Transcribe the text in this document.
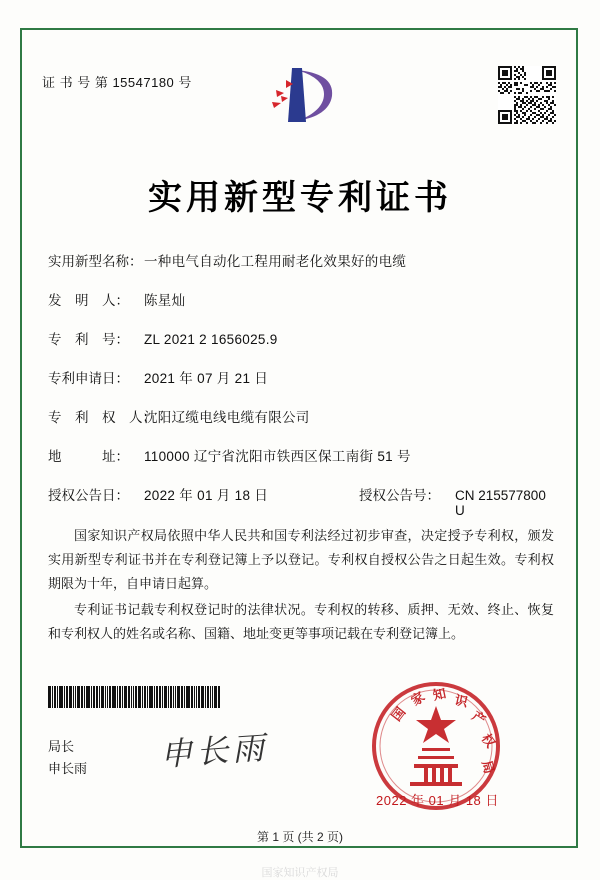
证 书 号 第 15547180 号
实用新型专利证书
实用新型名称： 一种电气自动化工程用耐老化效果好的电缆
发　明　人：	陈星灿
专　利　号：	ZL 2021 2 1656025.9
专利申请日：	2021 年 07 月 21 日
专　利　权　人：
沈阳辽缆电线电缆有限公司
地　　　址：	110000 辽宁省沈阳市铁西区保工南街 51 号
授权公告日：	2022 年 01 月 18 日	授权公告号：	CN 215577800 U

国家知识产权局依照中华人民共和国专利法经过初步审查，决定授予专利权，颁发实用新型专利证书并在专利登记簿上予以登记。专利权自授权公告之日起生效。专利权期限为十年，自申请日起算。

专利证书记载专利权登记时的法律状况。专利权的转移、质押、无效、终止、恢复和专利权人的姓名或名称、国籍、地址变更等事项记载在专利登记簿上。

局长
申长雨 申长雨
国
家 知 识
产
权
局
2022 年 01 月 18 日
第 1 页 (共 2 页)
国家知识产权局
